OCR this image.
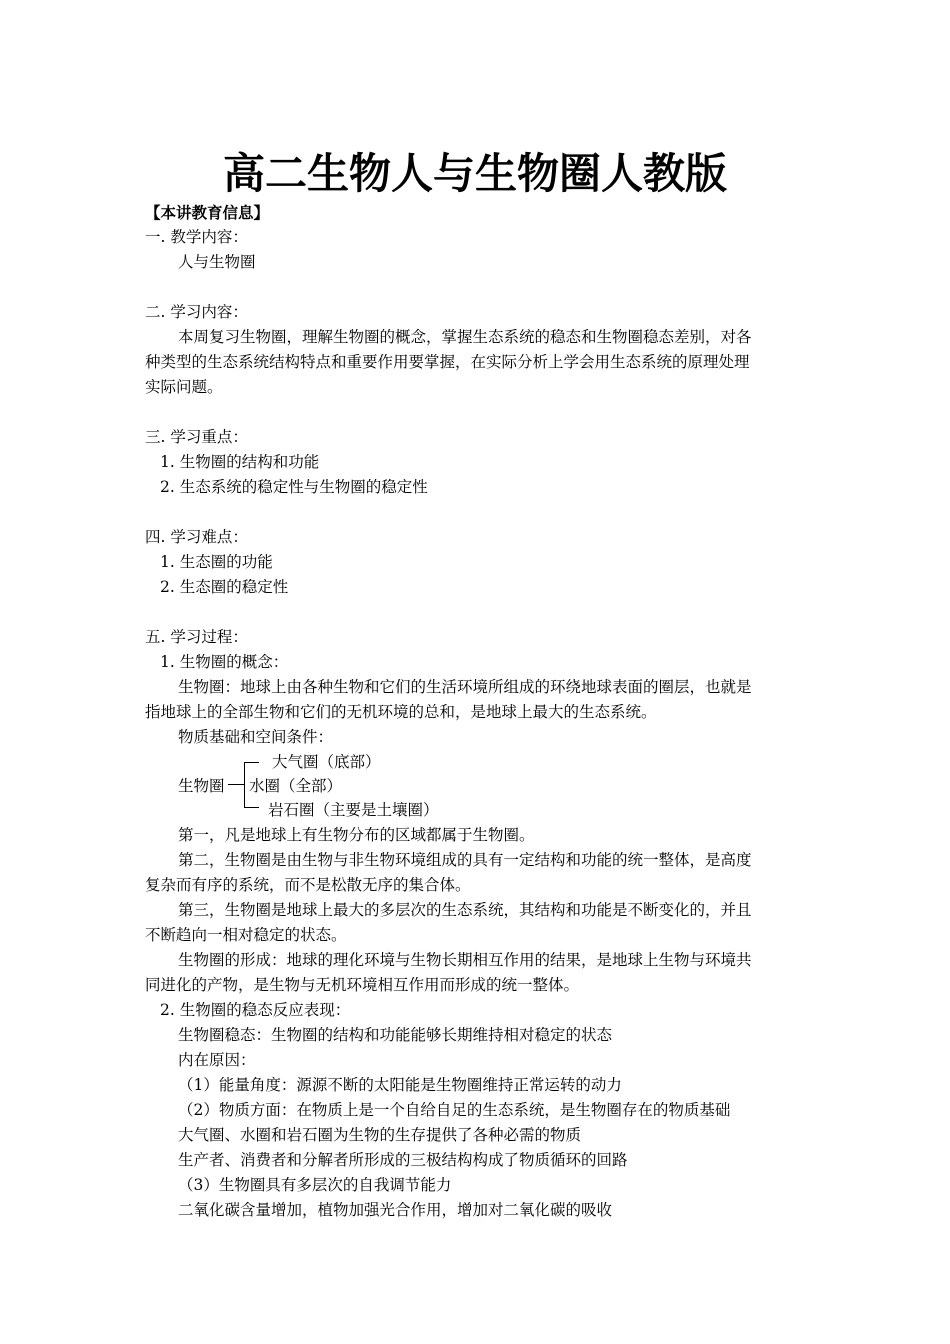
高二生物人与生物圈人教版
【本讲教育信息】
一. 教学内容：
人与生物圈
二. 学习内容：
本周复习生物圈，理解生物圈的概念，掌握生态系统的稳态和生物圈稳态差别，对各
种类型的生态系统结构特点和重要作用要掌握，在实际分析上学会用生态系统的原理处理
实际问题。
三. 学习重点：
1. 生物圈的结构和功能
2. 生态系统的稳定性与生物圈的稳定性
四. 学习难点：
1. 生态圈的功能
2. 生态圈的稳定性
五. 学习过程：
1. 生物圈的概念：
生物圈：地球上由各种生物和它们的生活环境所组成的环绕地球表面的圈层，也就是
指地球上的全部生物和它们的无机环境的总和，是地球上最大的生态系统。
物质基础和空间条件：
大气圈（底部）
生物圈 水圈（全部）
岩石圈（主要是土壤圈）
第一，凡是地球上有生物分布的区域都属于生物圈。
第二，生物圈是由生物与非生物环境组成的具有一定结构和功能的统一整体，是高度
复杂而有序的系统，而不是松散无序的集合体。
第三，生物圈是地球上最大的多层次的生态系统，其结构和功能是不断变化的，并且
不断趋向一相对稳定的状态。
生物圈的形成：地球的理化环境与生物长期相互作用的结果，是地球上生物与环境共
同进化的产物，是生物与无机环境相互作用而形成的统一整体。
2. 生物圈的稳态反应表现：
生物圈稳态：生物圈的结构和功能能够长期维持相对稳定的状态
内在原因：
（1）能量角度：源源不断的太阳能是生物圈维持正常运转的动力
（2）物质方面：在物质上是一个自给自足的生态系统，是生物圈存在的物质基础
大气圈、水圈和岩石圈为生物的生存提供了各种必需的物质
生产者、消费者和分解者所形成的三极结构构成了物质循环的回路
（3）生物圈具有多层次的自我调节能力
二氧化碳含量增加，植物加强光合作用，增加对二氧化碳的吸收
